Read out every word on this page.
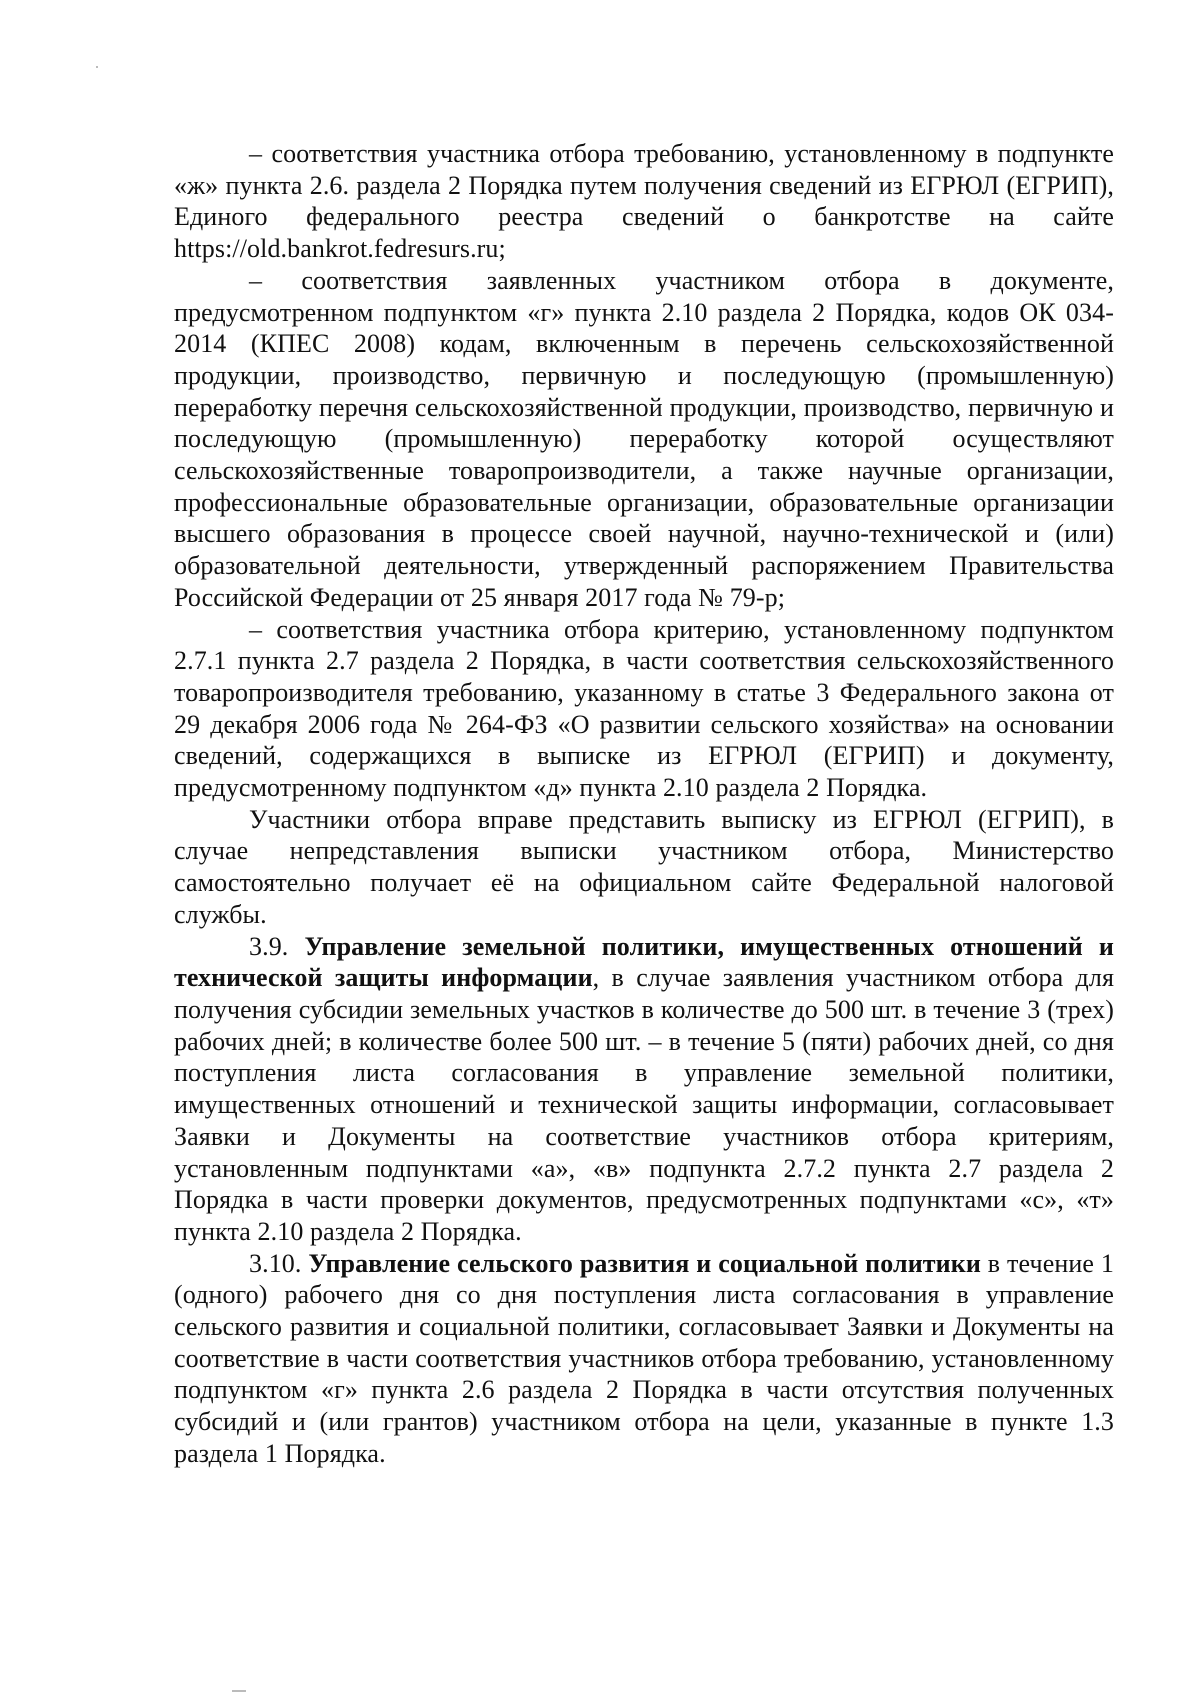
– соответствия участника отбора требованию, установленному в подпункте «ж» пункта 2.6. раздела 2 Порядка путем получения сведений из ЕГРЮЛ (ЕГРИП), Единого федерального реестра сведений о банкротстве на сайте https://old.bankrot.fedresurs.ru;

– соответствия заявленных участником отбора в документе, предусмотренном подпунктом «г» пункта 2.10 раздела 2 Порядка, кодов ОК 034-2014 (КПЕС 2008) кодам, включенным в перечень сельскохозяйственной продукции, производство, первичную и последующую (промышленную) переработку перечня сельскохозяйственной продукции, производство, первичную и последующую (промышленную) переработку которой осуществляют сельскохозяйственные товаропроизводители, а также научные организации, профессиональные образовательные организации, образовательные организации высшего образования в процессе своей научной, научно-технической и (или) образовательной деятельности, утвержденный распоряжением Правительства Российской Федерации от 25 января 2017 года № 79-р;

– соответствия участника отбора критерию, установленному подпунктом 2.7.1 пункта 2.7 раздела 2 Порядка, в части соответствия сельскохозяйственного товаропроизводителя требованию, указанному в статье 3 Федерального закона от 29 декабря 2006 года № 264-ФЗ «О развитии сельского хозяйства» на основании сведений, содержащихся в выписке из ЕГРЮЛ (ЕГРИП) и документу, предусмотренному подпунктом «д» пункта 2.10 раздела 2 Порядка.

Участники отбора вправе представить выписку из ЕГРЮЛ (ЕГРИП), в случае непредставления выписки участником отбора, Министерство самостоятельно получает её на официальном сайте Федеральной налоговой службы.

3.9. Управление земельной политики, имущественных отношений и технической защиты информации, в случае заявления участником отбора для получения субсидии земельных участков в количестве до 500 шт. в течение 3 (трех) рабочих дней; в количестве более 500 шт. – в течение 5 (пяти) рабочих дней, со дня поступления листа согласования в управление земельной политики, имущественных отношений и технической защиты информации, согласовывает Заявки и Документы на соответствие участников отбора критериям, установленным подпунктами «а», «в» подпункта 2.7.2 пункта 2.7 раздела 2 Порядка в части проверки документов, предусмотренных подпунктами «с», «т» пункта 2.10 раздела 2 Порядка.

3.10. Управление сельского развития и социальной политики в течение 1 (одного) рабочего дня со дня поступления листа согласования в управление сельского развития и социальной политики, согласовывает Заявки и Документы на соответствие в части соответствия участников отбора требованию, установленному подпунктом «г» пункта 2.6 раздела 2 Порядка в части отсутствия полученных субсидий и (или грантов) участником отбора на цели, указанные в пункте 1.3 раздела 1 Порядка.
